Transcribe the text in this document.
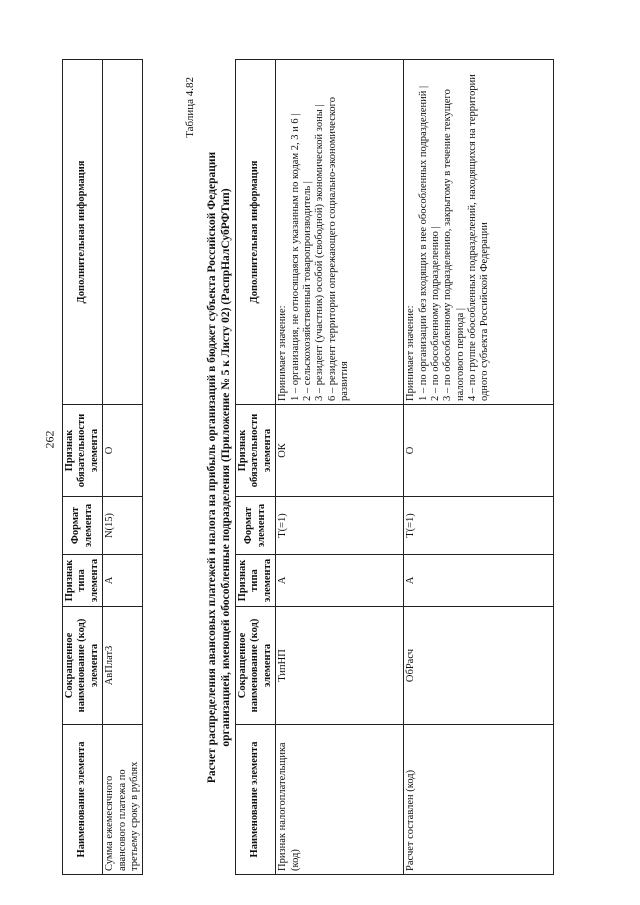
262
Наименование элемента	Сокращенное наименование (код) элемента	Признак типа элемента	Формат элемента	Признак обязательности элемента	Дополнительная информация
Сумма ежемесячного авансового платежа по третьему сроку в рублях	АвПлат3	А	N(15)	О	
Таблица 4.82
Расчет распределения авансовых платежей и налога на прибыль организаций в бюджет субъекта Российской Федерации организацией, имеющей обособленные подразделения (Приложение № 5 к Листу 02) (РаспрНалСубРФТип)
Наименование элемента	Сокращенное наименование (код) элемента	Признак типа элемента	Формат элемента	Признак обязательности элемента	Дополнительная информация
Признак налогоплательщика (код)	ТипНП	А	Т(=1)	ОК	Принимает значение: 1 – организация, не относящаяся к указанным по кодам 2, 3 и 6 | 2 – сельскохозяйственный товаропроизводитель | 3 – резидент (участник) особой (свободной) экономической зоны | 6 – резидент территории опережающего социально-экономического развития

Расчет составлен (код)	ОбРасч	А	Т(=1)	О	Принимает значение: 1 – по организации без входящих в нее обособленных подразделений | 2 – по обособленному подразделению | 3 – по обособленному подразделению, закрытому в течение текущего налогового периода | 4 – по группе обособленных подразделений, находящихся на территории одного субъекта Российской Федерации
